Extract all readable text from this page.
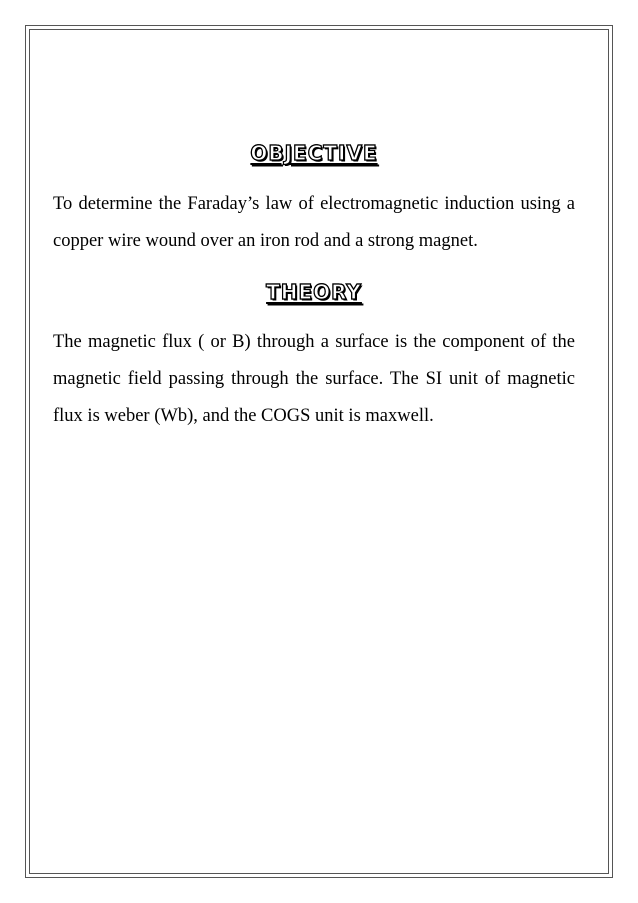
OBJECTIVE

To determine the Faraday’s law of electromagnetic induction using a copper wire wound over an iron rod and a strong magnet.

THEORY

The magnetic flux ( or B) through a surface is the component of the magnetic field passing through the surface. The SI unit of magnetic flux is weber (Wb), and the COGS unit is maxwell.
